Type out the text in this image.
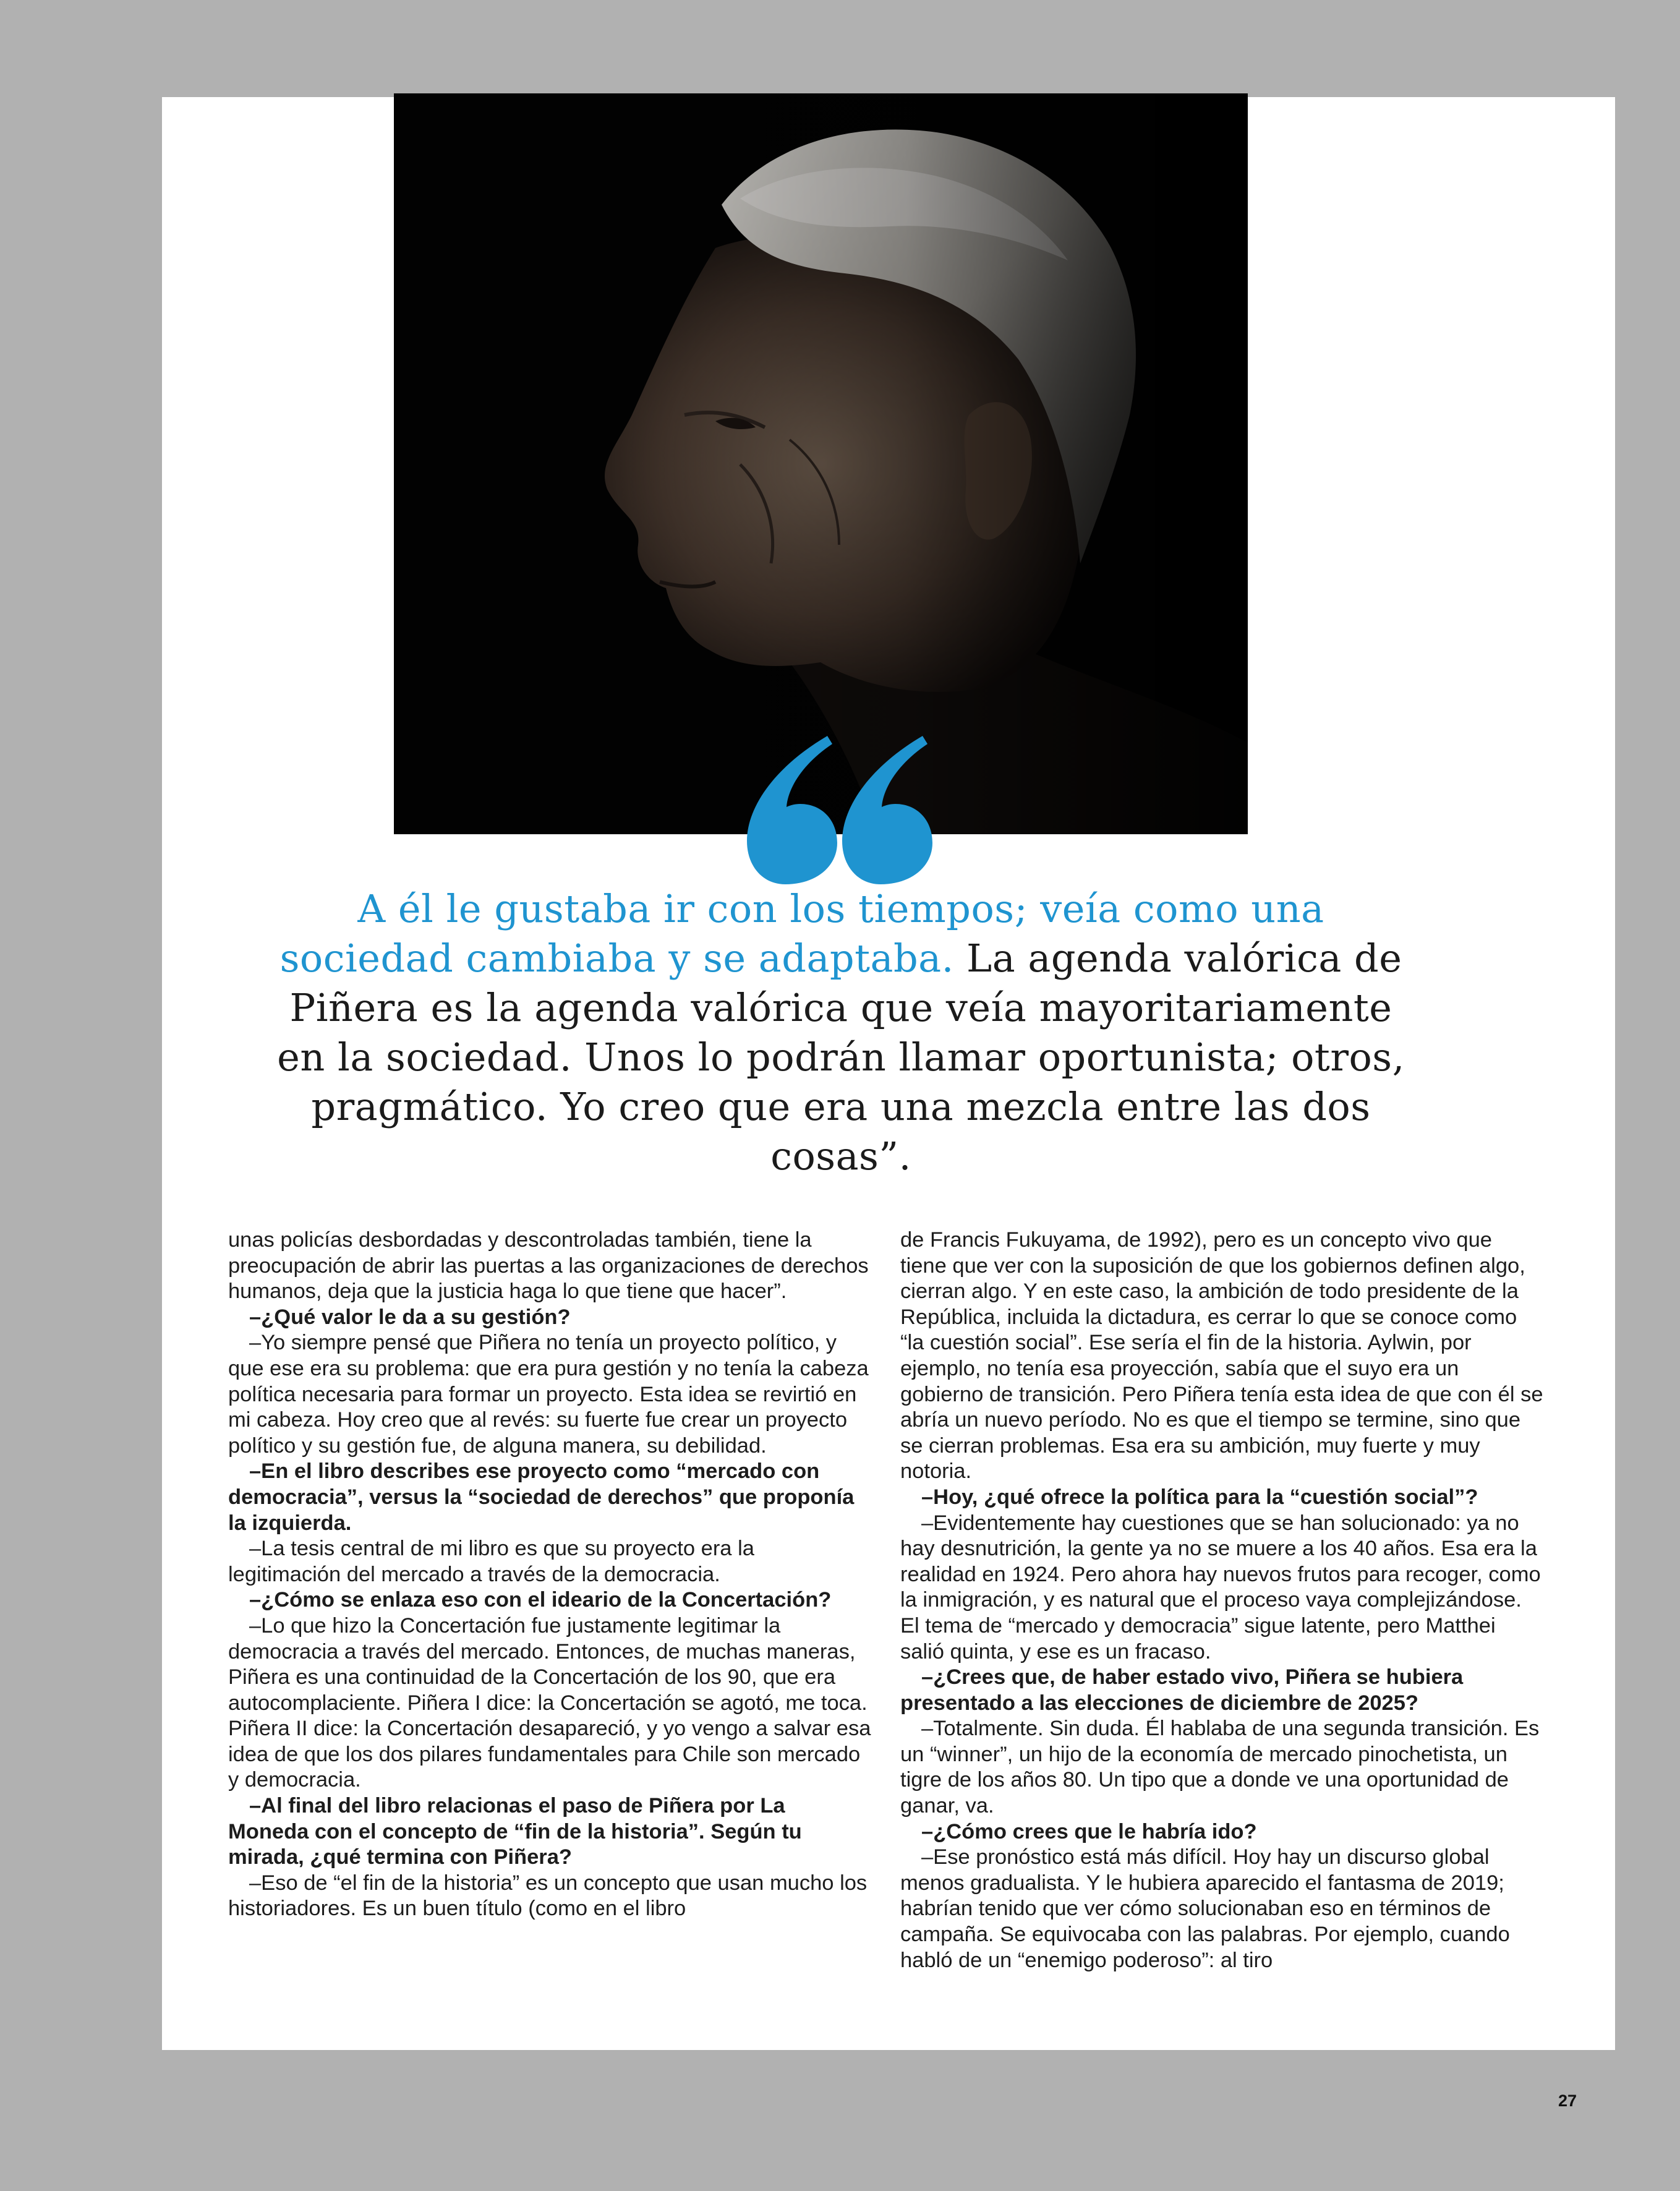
A él le gustaba ir con los tiempos; veía como una sociedad cambiaba y se adaptaba. La agenda valórica de Piñera es la agenda valórica que veía mayoritariamente en la sociedad. Unos lo podrán llamar oportunista; otros, pragmático. Yo creo que era una mezcla entre las dos cosas”.

unas policías desbordadas y descontroladas también, tiene la preocupación de abrir las puertas a las organizaciones de derechos humanos, deja que la justicia haga lo que tiene que hacer”.

–¿Qué valor le da a su gestión?

–Yo siempre pensé que Piñera no tenía un proyecto político, y que ese era su problema: que era pura gestión y no tenía la cabeza política necesaria para formar un proyecto. Esta idea se revirtió en mi cabeza. Hoy creo que al revés: su fuerte fue crear un proyecto político y su gestión fue, de alguna manera, su debilidad.

–En el libro describes ese proyecto como “mercado con democracia”, versus la “sociedad de derechos” que proponía la izquierda.

–La tesis central de mi libro es que su proyecto era la legitimación del mercado a través de la democracia.

–¿Cómo se enlaza eso con el ideario de la Concertación?

–Lo que hizo la Concertación fue justamente legitimar la democracia a través del mercado. Entonces, de muchas maneras, Piñera es una continuidad de la Concertación de los 90, que era autocomplaciente. Piñera I dice: la Concertación se agotó, me toca. Piñera II dice: la Concertación desapareció, y yo vengo a salvar esa idea de que los dos pilares fundamentales para Chile son mercado y democracia.

–Al final del libro relacionas el paso de Piñera por La Moneda con el concepto de “fin de la historia”. Según tu mirada, ¿qué termina con Piñera?

–Eso de “el fin de la historia” es un concepto que usan mucho los historiadores. Es un buen título (como en el libro

de Francis Fukuyama, de 1992), pero es un concepto vivo que tiene que ver con la suposición de que los gobiernos definen algo, cierran algo. Y en este caso, la ambición de todo presidente de la República, incluida la dictadura, es cerrar lo que se conoce como “la cuestión social”. Ese sería el fin de la historia. Aylwin, por ejemplo, no tenía esa proyección, sabía que el suyo era un gobierno de transición. Pero Piñera tenía esta idea de que con él se abría un nuevo período. No es que el tiempo se termine, sino que se cierran problemas. Esa era su ambición, muy fuerte y muy notoria.

–Hoy, ¿qué ofrece la política para la “cuestión social”?

–Evidentemente hay cuestiones que se han solucionado: ya no hay desnutrición, la gente ya no se muere a los 40 años. Esa era la realidad en 1924. Pero ahora hay nuevos frutos para recoger, como la inmigración, y es natural que el proceso vaya complejizándose. El tema de “mercado y democracia” sigue latente, pero Matthei salió quinta, y ese es un fracaso.

–¿Crees que, de haber estado vivo, Piñera se hubiera presentado a las elecciones de diciembre de 2025?

–Totalmente. Sin duda. Él hablaba de una segunda transición. Es un “winner”, un hijo de la economía de mercado pinochetista, un tigre de los años 80. Un tipo que a donde ve una oportunidad de ganar, va.

–¿Cómo crees que le habría ido?

–Ese pronóstico está más difícil. Hoy hay un discurso global menos gradualista. Y le hubiera aparecido el fantasma de 2019; habrían tenido que ver cómo solucionaban eso en términos de campaña. Se equivocaba con las palabras. Por ejemplo, cuando habló de un “enemigo poderoso”: al tiro

27
